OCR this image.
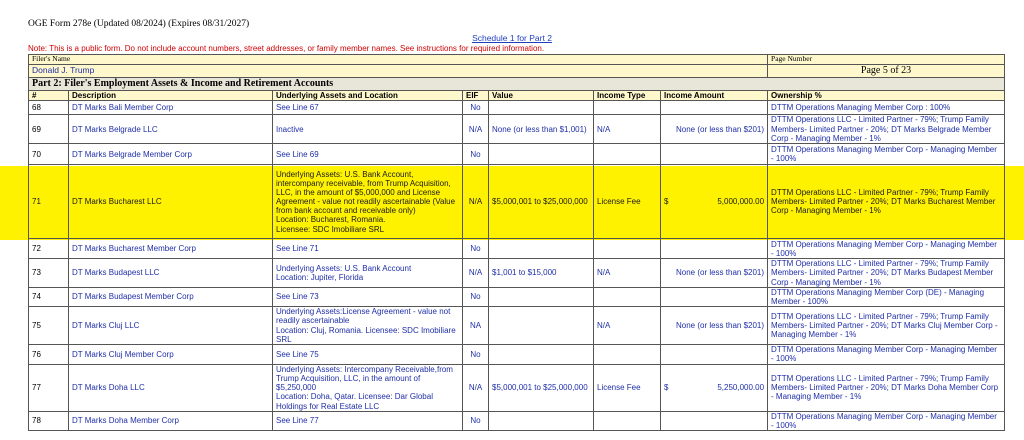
OGE Form 278e (Updated 08/2024) (Expires 08/31/2027)
Schedule 1 for Part 2
Note: This is a public form. Do not include account numbers, street addresses, or family member names. See instructions for required information.
Filer's Name							Page Number
Donald J. Trump							Page 5 of 23
Part 2: Filer's Employment Assets & Income and Retirement Accounts							
#	Description	Underlying Assets and Location	EIF	Value	Income Type	Income Amount	Ownership %
68	DT Marks Bali Member Corp	See Line 67	No				DTTM Operations Managing Member Corp : 100%
69	DT Marks Belgrade LLC	Inactive	N/A	None (or less than $1,001)	N/A	None (or less than $201)	DTTM Operations LLC - Limited Partner - 79%; Trump Family Members- Limited Partner - 20%; DT Marks Belgrade Member Corp - Managing Member - 1%
70	DT Marks Belgrade Member Corp	See Line 69	No				DTTM Operations Managing Member Corp - Managing Member - 100%
71	DT Marks Bucharest LLC	Underlying Assets: U.S. Bank Account, intercompany receivable, from Trump Acquisition, LLC, in the amount of $5,000,000 and License Agreement - value not readily ascertainable (Value from bank account and receivable only)
Location: Bucharest, Romania.
Licensee: SDC Imobiliare SRL	N/A	$5,000,001 to $25,000,000	License Fee	$ 5,000,000.00	DTTM Operations LLC - Limited Partner - 79%; Trump Family Members- Limited Partner - 20%; DT Marks Bucharest Member Corp - Managing Member - 1%
72	DT Marks Bucharest Member Corp	See Line 71	No				DTTM Operations Managing Member Corp - Managing Member - 100%
73	DT Marks Budapest LLC	Underlying Assets: U.S. Bank Account
Location: Jupiter, Florida	N/A	$1,001 to $15,000	N/A	None (or less than $201)	DTTM Operations LLC - Limited Partner - 79%; Trump Family Members- Limited Partner - 20%; DT Marks Budapest Member Corp - Managing Member - 1%
74	DT Marks Budapest Member Corp	See Line 73	No				DTTM Operations Managing Member Corp (DE) - Managing Member - 100%
75	DT Marks Cluj LLC	Underlying Assets:License Agreement - value not readily ascertainable
Location: Cluj, Romania. Licensee: SDC Imobiliare SRL	NA		N/A	None (or less than $201)	DTTM Operations LLC - Limited Partner - 79%; Trump Family Members- Limited Partner - 20%; DT Marks Cluj Member Corp - Managing Member - 1%
76	DT Marks Cluj Member Corp	See Line 75	No				DTTM Operations Managing Member Corp - Managing Member - 100%
77	DT Marks Doha LLC	Underlying Assets: Intercompany Receivable,from Trump Acquisition, LLC, in the amount of $5,250,000
Location: Doha, Qatar. Licensee: Dar Global Holdings for Real Estate LLC	N/A	$5,000,001 to $25,000,000	License Fee	$ 5,250,000.00	DTTM Operations LLC - Limited Partner - 79%; Trump Family Members- Limited Partner - 20%; DT Marks Doha Member Corp - Managing Member - 1%
78	DT Marks Doha Member Corp	See Line 77	No				DTTM Operations Managing Member Corp - Managing Member - 100%
